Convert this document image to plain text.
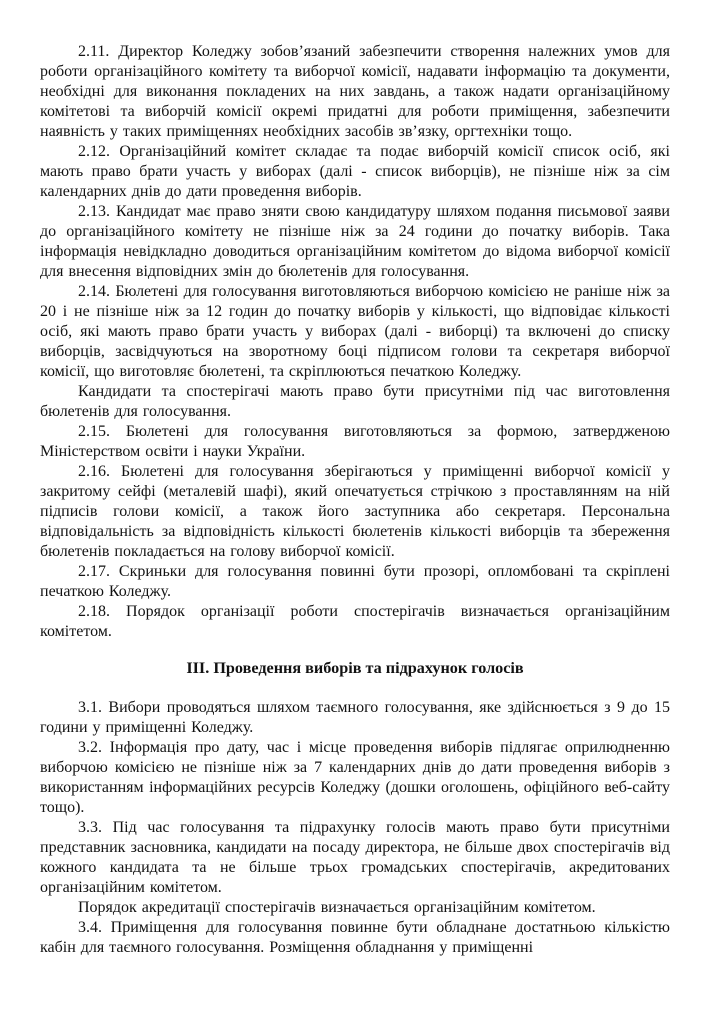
2.11. Директор Коледжу зобов’язаний забезпечити створення належних умов для роботи організаційного комітету та виборчої комісії, надавати інформацію та документи, необхідні для виконання покладених на них завдань, а також надати організаційному комітетові та виборчій комісії окремі придатні для роботи приміщення, забезпечити наявність у таких приміщеннях необхідних засобів зв’язку, оргтехніки тощо.

2.12. Організаційний комітет складає та подає виборчій комісії список осіб, які мають право брати участь у виборах (далі - список виборців), не пізніше ніж за сім календарних днів до дати проведення виборів.

2.13. Кандидат має право зняти свою кандидатуру шляхом подання письмової заяви до організаційного комітету не пізніше ніж за 24 години до початку виборів. Така інформація невідкладно доводиться організаційним комітетом до відома виборчої комісії для внесення відповідних змін до бюлетенів для голосування.

2.14. Бюлетені для голосування виготовляються виборчою комісією не раніше ніж за 20 і не пізніше ніж за 12 годин до початку виборів у кількості, що відповідає кількості осіб, які мають право брати участь у виборах (далі - виборці) та включені до списку виборців, засвідчуються на зворотному боці підписом голови та секретаря виборчої комісії, що виготовляє бюлетені, та скріплюються печаткою Коледжу.

Кандидати та спостерігачі мають право бути присутніми під час виготовлення бюлетенів для голосування.

2.15. Бюлетені для голосування виготовляються за формою, затвердженою Міністерством освіти і науки України.

2.16. Бюлетені для голосування зберігаються у приміщенні виборчої комісії у закритому сейфі (металевій шафі), який опечатується стрічкою з проставлянням на ній підписів голови комісії, а також його заступника або секретаря. Персональна відповідальність за відповідність кількості бюлетенів кількості виборців та збереження бюлетенів покладається на голову виборчої комісії.

2.17. Скриньки для голосування повинні бути прозорі, опломбовані та скріплені печаткою Коледжу.

2.18. Порядок організації роботи спостерігачів визначається організаційним комітетом.

III. Проведення виборів та підрахунок голосів

3.1. Вибори проводяться шляхом таємного голосування, яке здійснюється з 9 до 15 години у приміщенні Коледжу.

3.2. Інформація про дату, час і місце проведення виборів підлягає оприлюдненню виборчою комісією не пізніше ніж за 7 календарних днів до дати проведення виборів з використанням інформаційних ресурсів Коледжу (дошки оголошень, офіційного веб-сайту тощо).

3.3. Під час голосування та підрахунку голосів мають право бути присутніми представник засновника, кандидати на посаду директора, не більше двох спостерігачів від кожного кандидата та не більше трьох громадських спостерігачів, акредитованих організаційним комітетом.

Порядок акредитації спостерігачів визначається організаційним комітетом.

3.4. Приміщення для голосування повинне бути обладнане достатньою кількістю кабін для таємного голосування. Розміщення обладнання у приміщенні
